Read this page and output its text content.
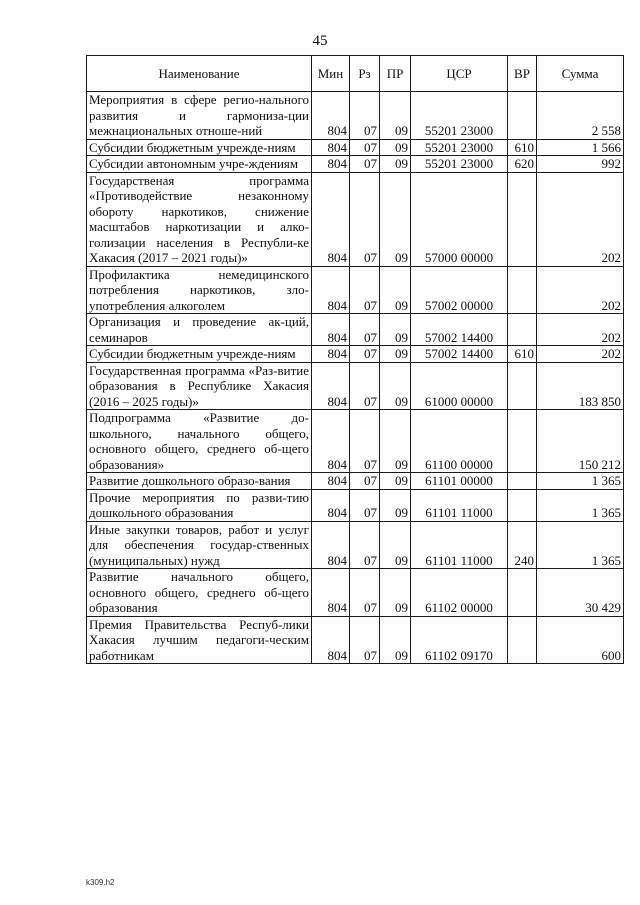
45
Наименование	Мин	Рз	ПР	ЦСР	ВР	Сумма
Мероприятия в сфере регио-нального развития и гармониза-ции межнациональных отноше-ний	804	07	09	55201 23000		2 558
Субсидии бюджетным учрежде-ниям	804	07	09	55201 23000	610	1 566
Субсидии автономным учре-ждениям	804	07	09	55201 23000	620	992
Государственая программа «Противодействие незаконному обороту наркотиков, снижение масштабов наркотизации и алко-голизации населения в Республи-ке Хакасия (2017 – 2021 годы)»	804	07	09	57000 00000		202
Профилактика немедицинского потребления наркотиков, зло-употребления алкоголем	804	07	09	57002 00000		202
Организация и проведение ак-ций, семинаров	804	07	09	57002 14400		202
Субсидии бюджетным учрежде-ниям	804	07	09	57002 14400	610	202
Государственная программа «Раз-витие образования в Республике Хакасия (2016 – 2025 годы)»	804	07	09	61000 00000		183 850
Подпрограмма «Развитие до-школьного, начального общего, основного общего, среднего об-щего образования»	804	07	09	61100 00000		150 212
Развитие дошкольного образо-вания	804	07	09	61101 00000		1 365
Прочие мероприятия по разви-тию дошкольного образования	804	07	09	61101 11000		1 365
Иные закупки товаров, работ и услуг для обеспечения государ-ственных (муниципальных) нужд	804	07	09	61101 11000	240	1 365
Развитие начального общего, основного общего, среднего об-щего образования	804	07	09	61102 00000		30 429
Премия Правительства Респуб-лики Хакасия лучшим педагоги-ческим работникам	804	07	09	61102 09170		600
k309.h2
